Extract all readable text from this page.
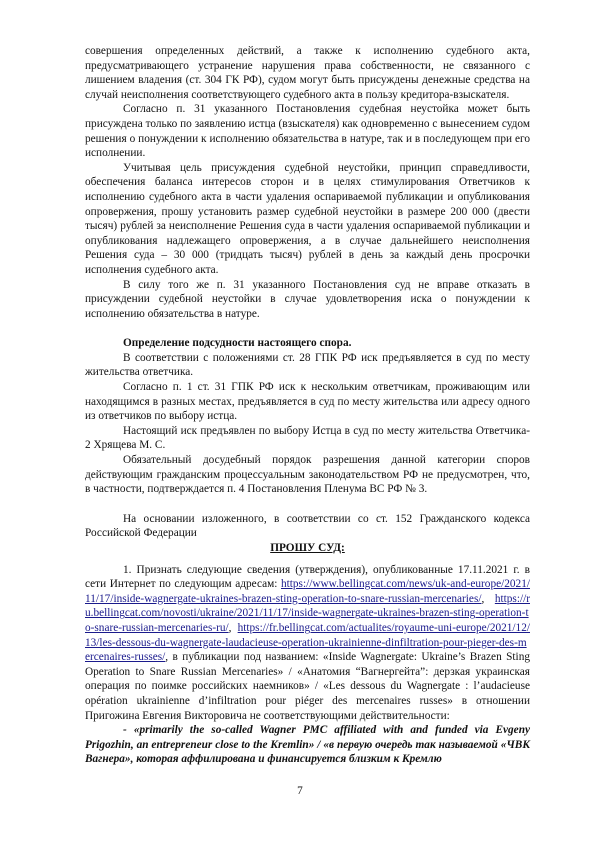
совершения определенных действий, а также к исполнению судебного акта, предусматривающего устранение нарушения права собственности, не связанного с лишением владения (ст. 304 ГК РФ), судом могут быть присуждены денежные средства на случай неисполнения соответствующего судебного акта в пользу кредитора-взыскателя.

Согласно п. 31 указанного Постановления судебная неустойка может быть присуждена только по заявлению истца (взыскателя) как одновременно с вынесением судом решения о понуждении к исполнению обязательства в натуре, так и в последующем при его исполнении.

Учитывая цель присуждения судебной неустойки, принцип справедливости, обеспечения баланса интересов сторон и в целях стимулирования Ответчиков к исполнению судебного акта в части удаления оспариваемой публикации и опубликования опровержения, прошу установить размер судебной неустойки в размере 200 000 (двести тысяч) рублей за неисполнение Решения суда в части удаления оспариваемой публикации и опубликования надлежащего опровержения, а в случае дальнейшего неисполнения Решения суда – 30 000 (тридцать тысяч) рублей в день за каждый день просрочки исполнения судебного акта.

В силу того же п. 31 указанного Постановления суд не вправе отказать в присуждении судебной неустойки в случае удовлетворения иска о понуждении к исполнению обязательства в натуре.

Определение подсудности настоящего спора.

В соответствии с положениями ст. 28 ГПК РФ иск предъявляется в суд по месту жительства ответчика.

Согласно п. 1 ст. 31 ГПК РФ иск к нескольким ответчикам, проживающим или находящимся в разных местах, предъявляется в суд по месту жительства или адресу одного из ответчиков по выбору истца.

Настоящий иск предъявлен по выбору Истца в суд по месту жительства Ответчика- 2 Хрящева М. С.

Обязательный досудебный порядок разрешения данной категории споров действующим гражданским процессуальным законодательством РФ не предусмотрен, что, в частности, подтверждается п. 4 Постановления Пленума ВС РФ № 3.

На основании изложенного, в соответствии со ст. 152 Гражданского кодекса Российской Федерации

ПРОШУ СУД:

1. Признать следующие сведения (утверждения), опубликованные 17.11.2021 г. в сети Интернет по следующим адресам: https://www.bellingcat.com/news/uk-and-europe/2021/11/17/inside-wagnergate-ukraines-brazen-sting-operation-to-snare-russian-mercenaries/, https://ru.bellingcat.com/novosti/ukraine/2021/11/17/inside-wagnergate-ukraines-brazen-sting-operation-to-snare-russian-mercenaries-ru/, https://fr.bellingcat.com/actualites/royaume-uni-europe/2021/12/13/les-dessous-du-wagnergate-laudacieuse-operation-ukrainienne-dinfiltration-pour-pieger-des-mercenaires-russes/, в публикации под названием: «Inside Wagnergate: Ukraine’s Brazen Sting Operation to Snare Russian Mercenaries» / «Анатомия “Вагнергейта”: дерзкая украинская операция по поимке российских наемников» / «Les dessous du Wagnergate : l’audacieuse opération ukrainienne d’infiltration pour piéger des mercenaires russes» в отношении Пригожина Евгения Викторовича не соответствующими действительности:

- «primarily the so-called Wagner PMC affiliated with and funded via Evgeny Prigozhin, an entrepreneur close to the Kremlin» / «в первую очередь так называемой «ЧВК Вагнера», которая аффилирована и финансируется близким к Кремлю

7
